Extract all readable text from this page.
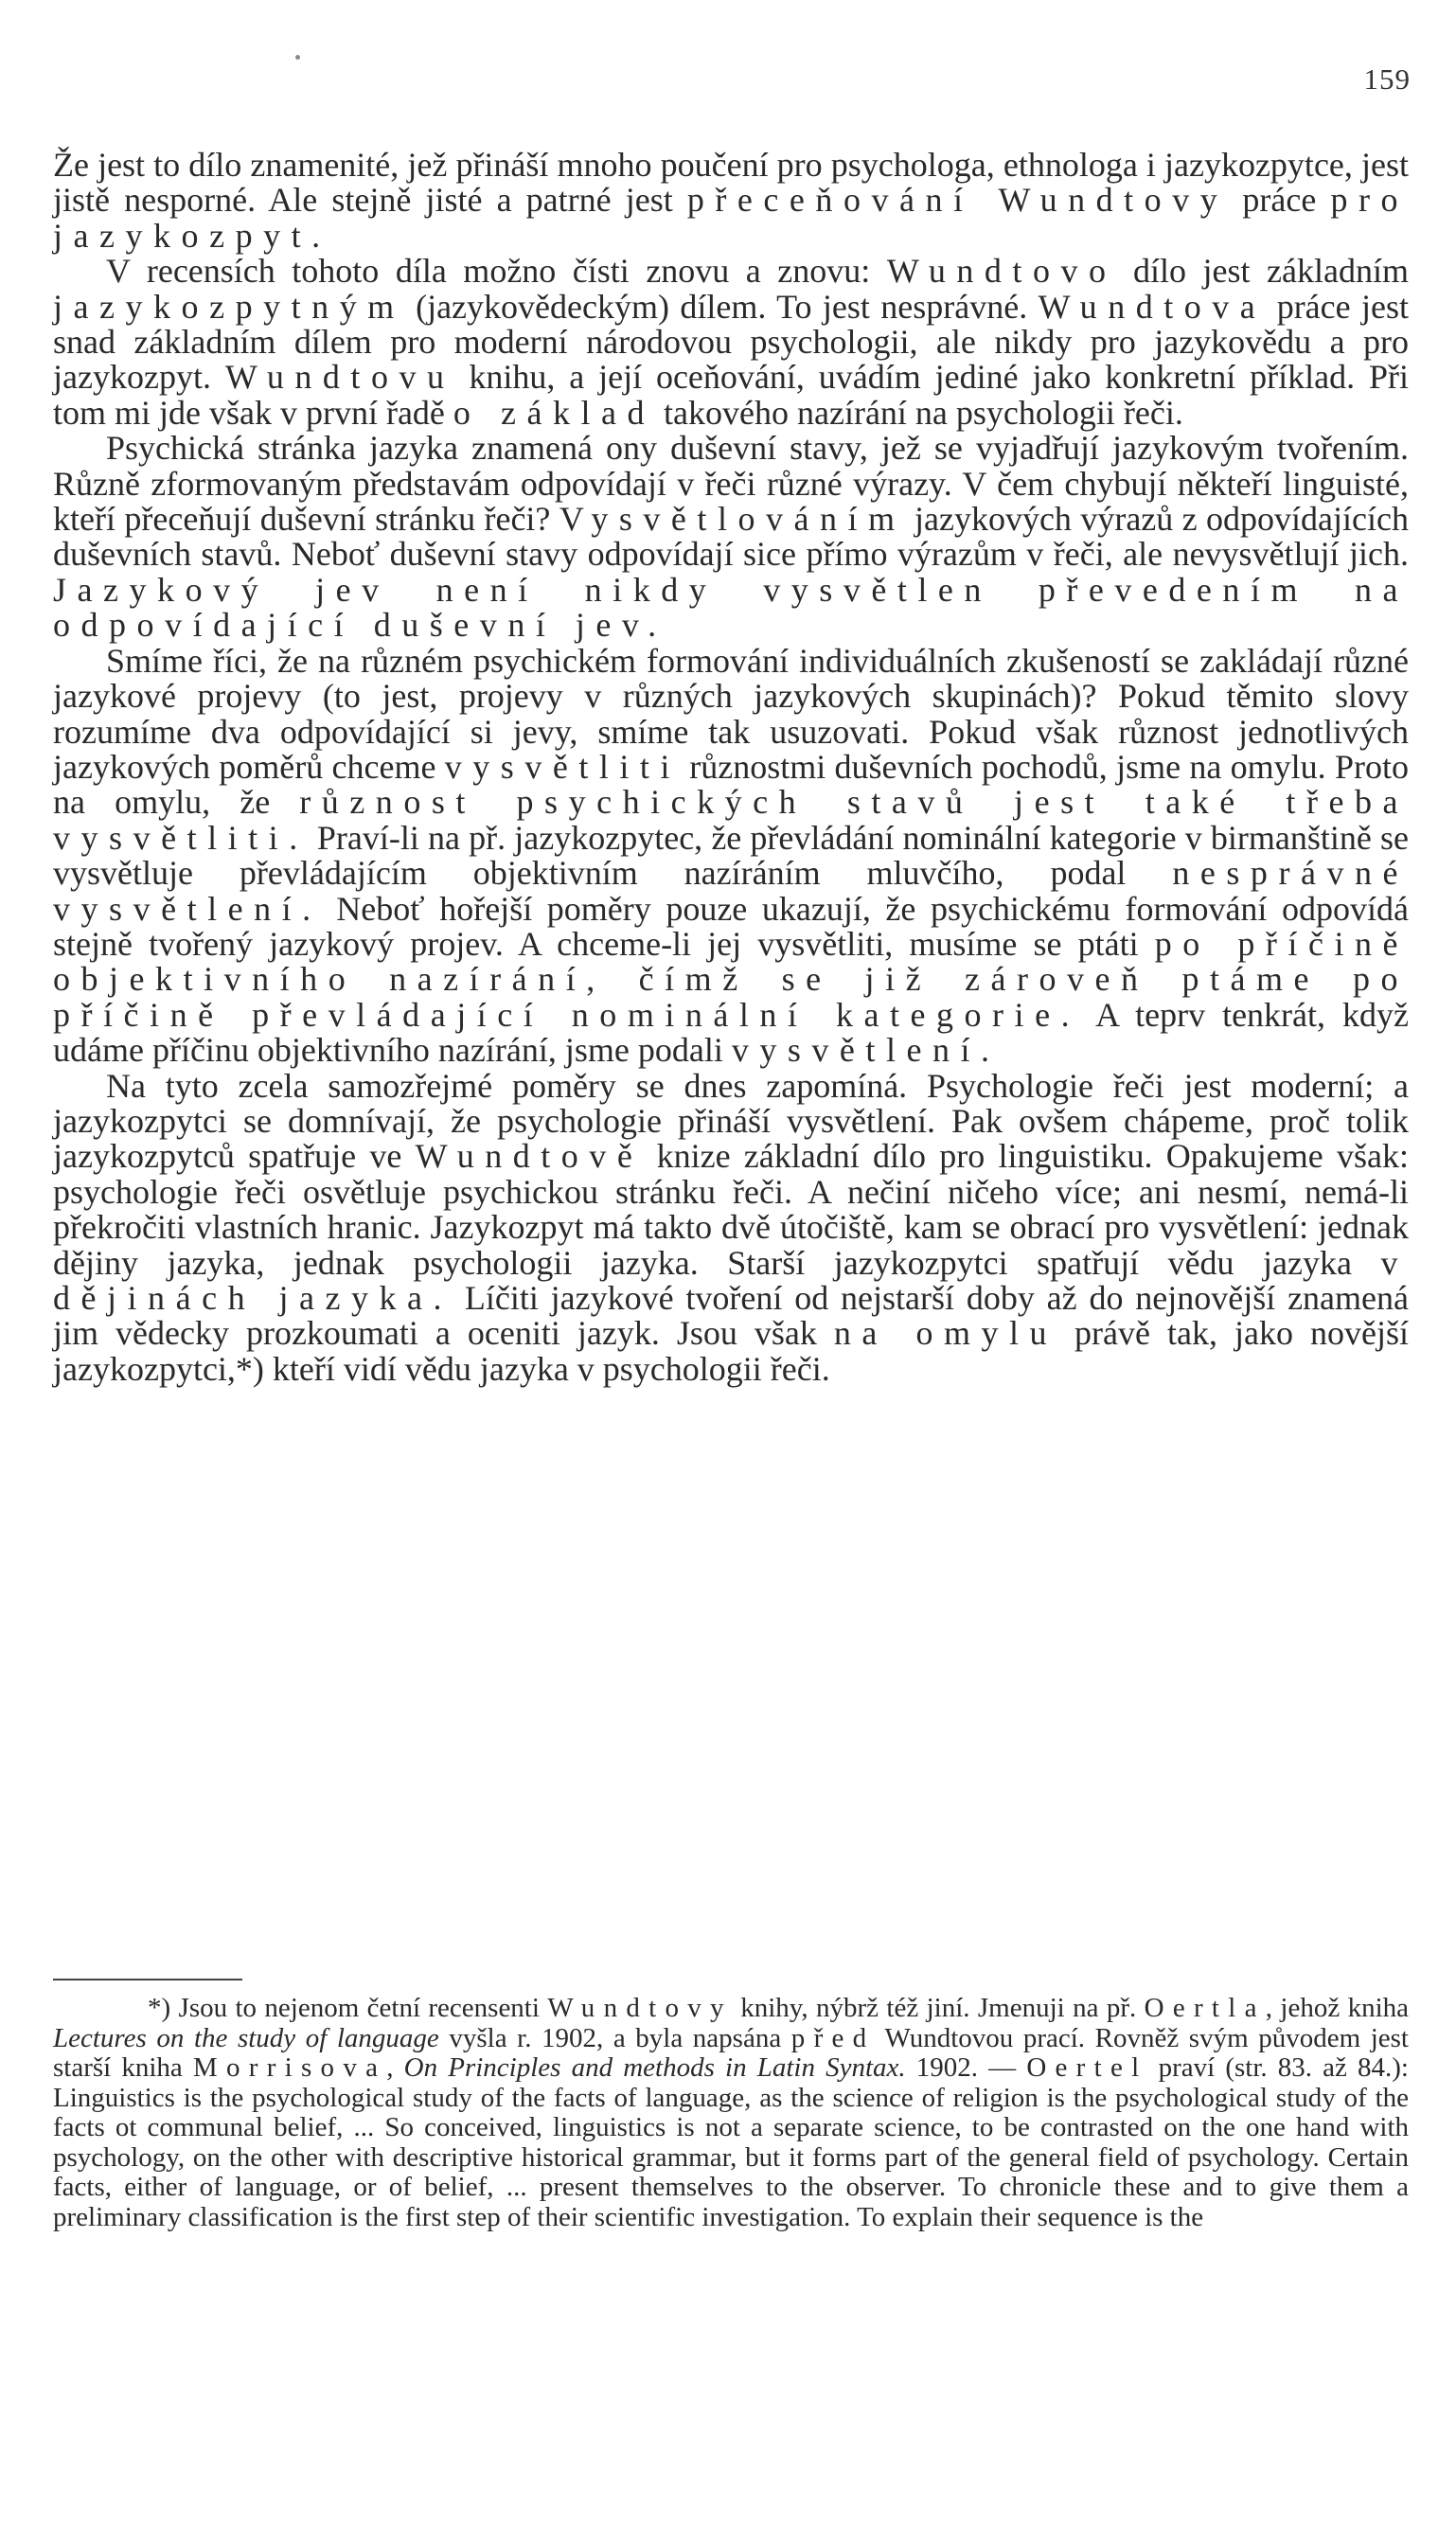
159

Že jest to dílo znamenité, jež přináší mnoho poučení pro psychologa, ethnologa i jazykozpytce, jest jistě nesporné. Ale stejně jisté a patrné jest přeceňování Wundtovy práce pro jazykozpyt.

V recensích tohoto díla možno čísti znovu a znovu: Wundtovo dílo jest základním jazykozpytným (jazykovědeckým) dílem. To jest nesprávné. Wundtova práce jest snad základním dílem pro moderní národovou psychologii, ale nikdy pro jazykovědu a pro jazykozpyt. Wundtovu knihu, a její oceňování, uvádím jediné jako konkretní příklad. Při tom mi jde však v první řadě o základ takového nazírání na psychologii řeči.

Psychická stránka jazyka znamená ony duševní stavy, jež se vyjadřují jazykovým tvořením. Různě zformovaným představám odpovídají v řeči různé výrazy. V čem chybují někteří linguisté, kteří přeceňují duševní stránku řeči? Vysvětlováním jazykových výrazů z odpovídajících duševních stavů. Neboť duševní stavy odpovídají sice přímo výrazům v řeči, ale nevysvětlují jich. Jazykový jev není nikdy vysvětlen převedením na odpovídající duševní jev.

Smíme říci, že na různém psychickém formování individuálních zkušeností se zakládají různé jazykové projevy (to jest, projevy v různých jazykových skupinách)? Pokud těmito slovy rozumíme dva odpovídající si jevy, smíme tak usuzovati. Pokud však různost jednotlivých jazykových poměrů chceme vysvětliti různostmi duševních pochodů, jsme na omylu. Proto na omylu, že různost psychických stavů jest také třeba vysvětliti. Praví-li na př. jazykozpytec, že převládání nominální kategorie v birmanštině se vysvětluje převládajícím objektivním nazíráním mluvčího, podal nesprávné vysvětlení. Neboť hořejší poměry pouze ukazují, že psychickému formování odpovídá stejně tvořený jazykový projev. A chceme-li jej vysvětliti, musíme se ptáti po příčině objektivního nazírání, čímž se již zároveň ptáme po příčině převládající nominální kategorie. A teprv tenkrát, když udáme příčinu objektivního nazírání, jsme podali vysvětlení.

Na tyto zcela samozřejmé poměry se dnes zapomíná. Psychologie řeči jest moderní; a jazykozpytci se domnívají, že psychologie přináší vysvětlení. Pak ovšem chápeme, proč tolik jazykozpytců spatřuje ve Wundtově knize základní dílo pro linguistiku. Opakujeme však: psychologie řeči osvětluje psychickou stránku řeči. A nečiní ničeho více; ani nesmí, nemá-li překročiti vlastních hranic. Jazykozpyt má takto dvě útočiště, kam se obrací pro vysvětlení: jednak dějiny jazyka, jednak psychologii jazyka. Starší jazykozpytci spatřují vědu jazyka v dějinách jazyka. Líčiti jazykové tvoření od nejstarší doby až do nejnovější znamená jim vědecky prozkoumati a oceniti jazyk. Jsou však na omylu právě tak, jako novější jazykozpytci,*) kteří vidí vědu jazyka v psychologii řeči.

*) Jsou to nejenom četní recensenti Wundtovy knihy, nýbrž též jiní. Jmenuji na př. Oertla, jehož kniha Lectures on the study of language vyšla r. 1902, a byla napsána před Wundtovou prací. Rovněž svým původem jest starší kniha Morrisova, On Principles and methods in Latin Syntax. 1902. — Oertel praví (str. 83. až 84.): Linguistics is the psychological study of the facts of language, as the science of religion is the psychological study of the facts ot communal belief, ... So conceived, linguistics is not a separate science, to be contrasted on the one hand with psychology, on the other with descriptive historical grammar, but it forms part of the general field of psychology. Certain facts, either of language, or of belief, ... present themselves to the observer. To chronicle these and to give them a preliminary classification is the first step of their scientific investigation. To explain their sequence is the
